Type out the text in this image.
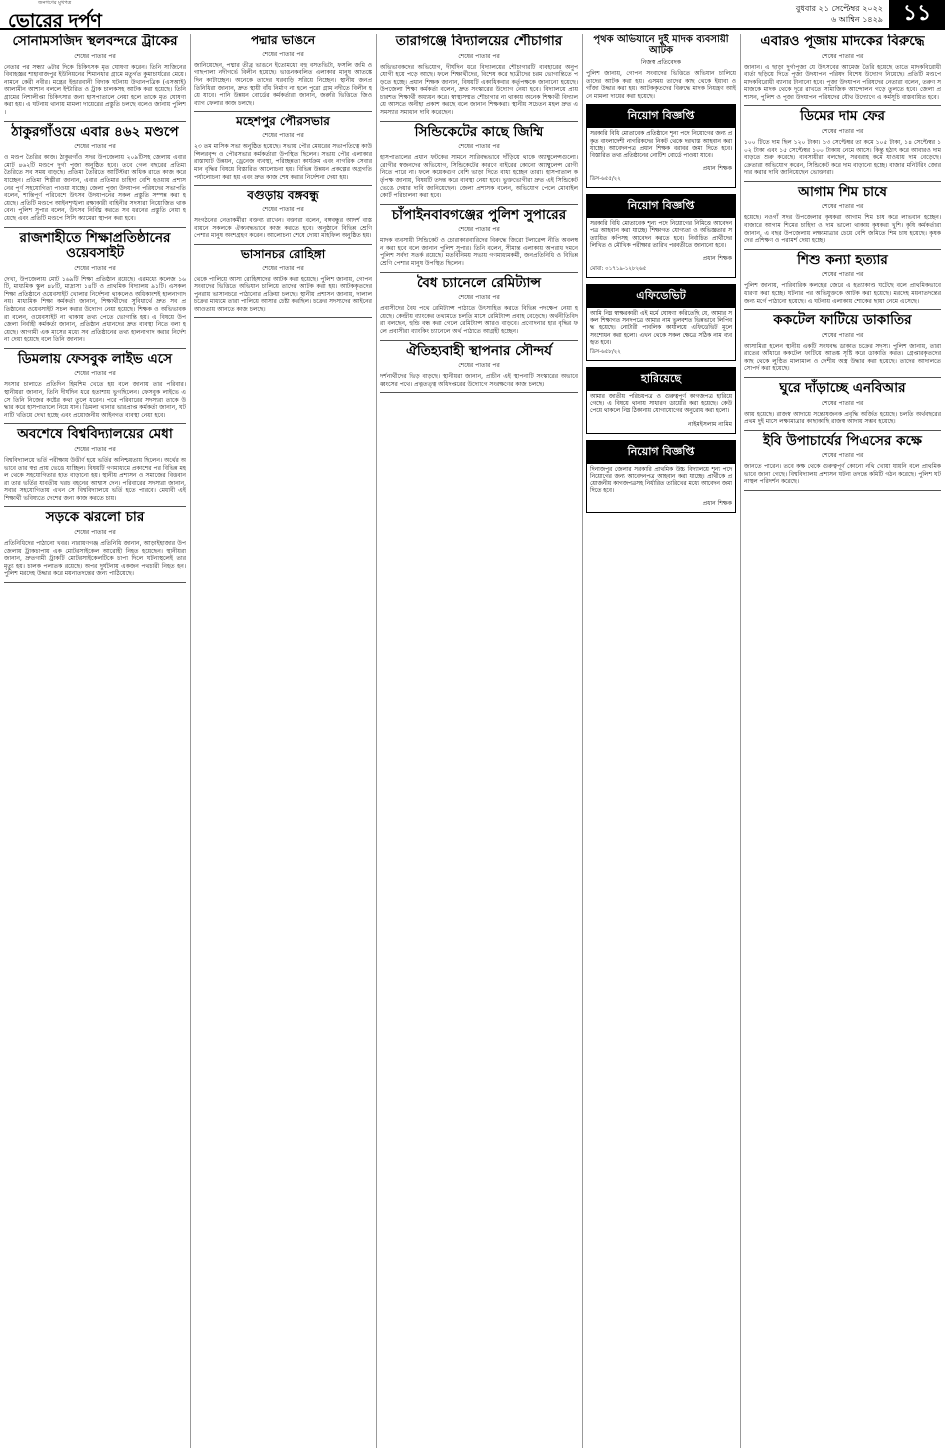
জনগণের মুখপত্র
ভোরের দর্পণ
বুধবার ২১ সেপ্টেম্বর ২০২২
৬ আশ্বিন ১৪২৯ ১১
সোনামসজিদ স্থলবন্দরে ট্রাকের
শেষের পাতার পর
নেতার পর সন্ধ্যা ৬টার দিকে চিকিৎসক মৃত ঘোষণা করেন। তিনি সাজিনের বিবাহজ্ঞর শাহাবাজপুর ইউনিয়নের শিমানধার গ্রামে মতুর্গত কুমাচার্যরের মেয়ে। নামনে কেরী নবীর। মন্ত্রের ইন্ডারবানী বিদাক ঘটনায় উত্থানপত্রিক (এসআই) আলামীন আশান বললে ইন্টারিত ও ট্রাক চালকসহ আটক করা হয়েছে। তিনি গ্রামের নিশালীপ্তা চিকিৎসার জন্য হাসপাতালে নেয়া হলে তাকে মৃত ঘোষণা করা হয়। এ ঘটনায় থানায় মামলা দায়েরের প্রস্তুতি চলছে বলেও জানায় পুলিশ।
ঠাকুরগাঁওয়ে এবার ৪৬২ মণ্ডপে
শেষের পাতার পর
ও মণ্ডপ তৈরির কাজ। ঠাকুরগাঁও সদর উপজেলায় ২০৯টিসহ জেলায় এবার মোট ৪৬২টি মণ্ডপে দুর্গা পূজা অনুষ্ঠিত হবে। তবে গেল বছরের প্রতিমা তৈরিতে সব সময় বাড়ছে। প্রতিমা তৈরিতে আর্টিস্টরা অধিক রাতে কাজ করে যাচ্ছেন। প্রতিমা শিল্পীরা জানান, এবার প্রতিমার চাহিদা বেশি হওয়ায় প্রশাসনের পূর্ণ সহযোগিতা পাওয়া যাচ্ছে। জেলা পূজা উদযাপন পরিষদের সভাপতি বলেন, শান্তিপূর্ণ পরিবেশে উৎসব উদযাপনের সকল প্রস্তুতি সম্পন্ন করা হয়েছে। প্রতিটি মণ্ডপে আইনশৃঙ্খলা রক্ষাকারী বাহিনীর সদস্যরা নিয়োজিত থাকবেন। পুলিশ সুপার বলেন, উৎসব নির্বিঘ্ন করতে সব ধরনের প্রস্তুতি নেয়া হয়েছে এবং প্রতিটি মণ্ডপে সিসি ক্যামেরা স্থাপন করা হবে।
রাজশাহীতে শিক্ষাপ্রতিষ্ঠানের ওয়েবসাইট
শেষের পাতার পর
দেখা, উপজেলায় মোট ১৬৯টি শিক্ষা প্রতিষ্ঠান রয়েছে। এরমধ্যে কলেজ ১৬টি, মাধ্যমিক স্কুল ৪৮টি, মাদ্রাসা ১৪টি ও প্রাথমিক বিদ্যালয় ৯১টি। এসকল শিক্ষা প্রতিষ্ঠানে ওয়েবসাইট খোলার নির্দেশনা থাকলেও অধিকাংশই হালনাগাদ নয়। মাধ্যমিক শিক্ষা কর্মকর্তা জানান, শিক্ষার্থীদের সুবিধার্থে দ্রুত সব প্রতিষ্ঠানের ওয়েবসাইট সচল করার উদ্যোগ নেয়া হয়েছে। শিক্ষক ও অভিভাবকরা বলেন, ওয়েবসাইট না থাকায় তথ্য পেতে ভোগান্তি হয়। এ বিষয়ে উপজেলা নির্বাহী কর্মকর্তা জানান, প্রতিষ্ঠান প্রধানদের দ্রুত ব্যবস্থা নিতে বলা হয়েছে। আগামী এক মাসের মধ্যে সব প্রতিষ্ঠানের তথ্য হালনাগাদ করার নির্দেশনা দেয়া হয়েছে বলে তিনি জানান।
ডিমলায় ফেসবুক লাইভ এসে
শেষের পাতার পর
সংসার চালাতে প্রতিদিন হিমশিম খেতে হয় বলে জানায় তার পরিবার। স্থানীয়রা জানান, তিনি দীর্ঘদিন ধরে হতাশায় ভুগছিলেন। ফেসবুক লাইভে এসে তিনি নিজের কষ্টের কথা তুলে ধরেন। পরে পরিবারের সদস্যরা তাকে উদ্ধার করে হাসপাতালে নিয়ে যান। ডিমলা থানার ভারপ্রাপ্ত কর্মকর্তা জানান, ঘটনাটি খতিয়ে দেখা হচ্ছে এবং প্রয়োজনীয় আইনগত ব্যবস্থা নেয়া হবে।
অবশেষে বিশ্ববিদ্যালয়ের মেধা
শেষের পাতার পর
বিশ্ববিদ্যালয়ে ভর্তি পরীক্ষায় উত্তীর্ণ হয়ে ভর্তির অনিশ্চয়তায় ছিলেন। অর্থের অভাবে তার স্বপ্ন প্রায় ভেঙে যাচ্ছিল। বিষয়টি গণমাধ্যমে প্রকাশের পর বিভিন্ন মহল থেকে সহযোগিতার হাত বাড়ানো হয়। স্থানীয় প্রশাসন ও সমাজের বিত্তবানরা তার ভর্তির যাবতীয় খরচ বহনের আশ্বাস দেন। পরিবারের সদস্যরা জানান, সবার সহযোগিতায় এখন সে বিশ্ববিদ্যালয়ে ভর্তি হতে পারবে। মেধাবী এই শিক্ষার্থী ভবিষ্যতে দেশের জন্য কাজ করতে চায়।
সড়কে ঝরলো চার
শেষের পাতার পর
প্রতিনিধিদের পাঠানো খবর। নারায়ণগঞ্জ প্রতিনিধি জানান, আড়াইহাজার উপজেলায় ট্রাকচাপায় এক মোটরসাইকেল আরোহী নিহত হয়েছেন। স্থানীয়রা জানান, দ্রুতগামী ট্রাকটি মোটরসাইকেলটিকে চাপা দিলে ঘটনাস্থলেই তার মৃত্যু হয়। চালক পলাতক রয়েছে। অপর দুর্ঘটনায় একজন পথচারী নিহত হন। পুলিশ মরদেহ উদ্ধার করে ময়নাতদন্তের জন্য পাঠিয়েছে।
পদ্মার ভাঙনে
শেষের পাতার পর
জানিয়েছেন, পদ্মার তীব্র ভাঙনে ইতোমধ্যে বহু বসতভিটা, ফসলি জমি ও গাছপালা নদীগর্ভে বিলীন হয়েছে। ভাঙনকবলিত এলাকার মানুষ আতঙ্কে দিন কাটাচ্ছেন। অনেকে তাদের ঘরবাড়ি সরিয়ে নিচ্ছেন। স্থানীয় জনপ্রতিনিধিরা জানান, দ্রুত স্থায়ী বাঁধ নির্মাণ না হলে পুরো গ্রাম নদীতে বিলীন হয়ে যাবে। পানি উন্নয়ন বোর্ডের কর্মকর্তারা জানান, জরুরি ভিত্তিতে জিও ব্যাগ ফেলার কাজ চলছে।
মহেশপুর পৌরসভার
শেষের পাতার পর
২৩ তম মাসিক সভা অনুষ্ঠিত হয়েছে। সভায় পৌর মেয়রের সভাপতিত্বে কাউন্সিলরবৃন্দ ও পৌরসভার কর্মকর্তারা উপস্থিত ছিলেন। সভায় পৌর এলাকার রাস্তাঘাট উন্নয়ন, ড্রেনেজ ব্যবস্থা, পরিচ্ছন্নতা কার্যক্রম এবং নাগরিক সেবার মান বৃদ্ধির বিষয়ে বিস্তারিত আলোচনা হয়। বিভিন্ন উন্নয়ন প্রকল্পের অগ্রগতি পর্যালোচনা করা হয় এবং দ্রুত কাজ শেষ করার নির্দেশনা দেয়া হয়।
বগুড়ায় বঙ্গবন্ধু
শেষের পাতার পর
সংগঠনের নেতাকর্মীরা বক্তব্য রাখেন। বক্তারা বলেন, বঙ্গবন্ধুর আদর্শ বাস্তবায়নে সকলকে ঐক্যবদ্ধভাবে কাজ করতে হবে। অনুষ্ঠানে বিভিন্ন শ্রেণি পেশার মানুষ অংশগ্রহণ করেন। আলোচনা শেষে দোয়া মাহফিল অনুষ্ঠিত হয়।
ভাসানচর রোহিঙ্গা
শেষের পাতার পর
থেকে পালিয়ে আসা রোহিঙ্গাদের আটক করা হয়েছে। পুলিশ জানায়, গোপন সংবাদের ভিত্তিতে অভিযান চালিয়ে তাদের আটক করা হয়। আটককৃতদের পুনরায় ভাসানচরে পাঠানোর প্রক্রিয়া চলছে। স্থানীয় প্রশাসন জানায়, দালাল চক্রের মাধ্যমে তারা পালিয়ে আসার চেষ্টা করছিল। চক্রের সদস্যদের আইনের আওতায় আনতে কাজ চলছে।
তারাগঞ্জে বিদ্যালয়ের শৌচাগার
শেষের পাতার পর
অভিভাবকদের অভিযোগ, দীর্ঘদিন ধরে বিদ্যালয়ের শৌচাগারটি ব্যবহারের অনুপযোগী হয়ে পড়ে আছে। ফলে শিক্ষার্থীদের, বিশেষ করে ছাত্রীদের চরম ভোগান্তিতে পড়তে হচ্ছে। প্রধান শিক্ষক জানান, বিষয়টি একাধিকবার কর্তৃপক্ষকে জানানো হয়েছে। উপজেলা শিক্ষা কর্মকর্তা বলেন, দ্রুত সংস্কারের উদ্যোগ নেয়া হবে। বিদ্যালয়ে প্রায় চারশত শিক্ষার্থী অধ্যয়ন করে। স্বাস্থ্যসম্মত শৌচাগার না থাকায় অনেক শিক্ষার্থী বিদ্যালয়ে আসতে অনীহা প্রকাশ করছে বলে জানান শিক্ষকরা। স্থানীয় সচেতন মহল দ্রুত এ সমস্যার সমাধান দাবি করেছেন।
সিন্ডিকেটের কাছে জিম্মি
শেষের পাতার পর
হাসপাতালের প্রধান ফটকের সামনে সারিবদ্ধভাবে দাঁড়িয়ে থাকে অ্যাম্বুলেন্সগুলো। রোগীর স্বজনদের অভিযোগ, সিন্ডিকেটের কারণে বাইরের কোনো অ্যাম্বুলেন্স রোগী নিতে পারে না। ফলে কয়েকগুণ বেশি ভাড়া দিতে বাধ্য হচ্ছেন তারা। হাসপাতাল কর্তৃপক্ষ জানায়, বিষয়টি তদন্ত করে ব্যবস্থা নেয়া হবে। ভুক্তভোগীরা দ্রুত এই সিন্ডিকেট ভেঙে দেয়ার দাবি জানিয়েছেন। জেলা প্রশাসক বলেন, অভিযোগ পেলে মোবাইল কোর্ট পরিচালনা করা হবে।
চাঁপাইনবাবগঞ্জের পুলিশ সুপারের
শেষের পাতার পর
মাদক ব্যবসায়ী সিন্ডিকেট ও চোরাকারবারিদের বিরুদ্ধে জিরো টলারেন্স নীতি অবলম্বন করা হবে বলে জানান পুলিশ সুপার। তিনি বলেন, সীমান্ত এলাকায় অপরাধ দমনে পুলিশ সর্বদা সতর্ক রয়েছে। মতবিনিময় সভায় গণমাধ্যমকর্মী, জনপ্রতিনিধি ও বিভিন্ন শ্রেণি পেশার মানুষ উপস্থিত ছিলেন।
বৈধ চ্যানেলে রেমিট্যান্স
শেষের পাতার পর
প্রবাসীদের বৈধ পথে রেমিট্যান্স পাঠাতে উৎসাহিত করতে বিভিন্ন পদক্ষেপ নেয়া হয়েছে। কেন্দ্রীয় ব্যাংকের তথ্যমতে চলতি মাসে রেমিট্যান্স প্রবাহ বেড়েছে। অর্থনীতিবিদরা বলছেন, হুন্ডি বন্ধ করা গেলে রেমিট্যান্স আরও বাড়বে। প্রণোদনার হার বৃদ্ধির ফলে প্রবাসীরা ব্যাংকিং চ্যানেলে অর্থ পাঠাতে আগ্রহী হচ্ছেন।
ঐতিহ্যবাহী স্থাপনার সৌন্দর্য
শেষের পাতার পর
দর্শনার্থীদের ভিড় বাড়ছে। স্থানীয়রা জানান, প্রাচীন এই স্থাপনাটি সংস্কারের অভাবে ধ্বংসের পথে। প্রত্নতত্ত্ব অধিদপ্তরের উদ্যোগে সংরক্ষণের কাজ চলছে।
পৃথক অভিযানে দুই মাদক ব্যবসায়ী আটক
নিজস্ব প্রতিবেদক
পুলিশ জানায়, গোপন সংবাদের ভিত্তিতে অভিযান চালিয়ে তাদের আটক করা হয়। এসময় তাদের কাছ থেকে ইয়াবা ও গাঁজা উদ্ধার করা হয়। আটককৃতদের বিরুদ্ধে মাদক নিয়ন্ত্রণ আইনে মামলা দায়ের করা হয়েছে।
নিয়োগ বিজ্ঞপ্তি
সরকারি বিধি মোতাবেক প্রতিষ্ঠানে শূন্য পদে নিয়োগের জন্য প্রকৃত বাংলাদেশী নাগরিকদের নিকট থেকে দরখাস্ত আহবান করা যাচ্ছে। আবেদনপত্র প্রধান শিক্ষক বরাবর জমা দিতে হবে। বিস্তারিত তথ্য প্রতিষ্ঠানের নোটিশ বোর্ডে পাওয়া যাবে।
প্রধান শিক্ষক
ডিস-৬৫৫/২২
নিয়োগ বিজ্ঞপ্তি
সরকারি বিধি মোতাবেক শূন্য পদে নিয়োগের নিমিত্তে আবেদনপত্র আহবান করা যাচ্ছে। শিক্ষাগত যোগ্যতা ও অভিজ্ঞতার সত্যায়িত কপিসহ আবেদন করতে হবে। নির্বাচিত প্রার্থীদের লিখিত ও মৌখিক পরীক্ষার তারিখ পরবর্তীতে জানানো হবে।
প্রধান শিক্ষক
মোবা: ০১৭১৯-১২৮২৬৫
এফিডেভিট
আমি নিম্ন স্বাক্ষরকারী এই মর্মে ঘোষণা করিতেছি যে, আমার সকল শিক্ষাগত সনদপত্রে আমার নাম ভুলবশত ভিন্নভাবে লিপিবদ্ধ হয়েছে। নোটারী পাবলিক কার্যালয়ে এফিডেভিট মূলে সংশোধন করা হলো। এখন থেকে সকল ক্ষেত্রে সঠিক নাম ব্যবহৃত হবে।
ডিস-৬৫৮/২২
হারিয়েছে
আমার জাতীয় পরিচয়পত্র ও গুরুত্বপূর্ণ কাগজপত্র হারিয়ে গেছে। এ বিষয়ে থানায় সাধারণ ডায়েরি করা হয়েছে। কেউ পেয়ে থাকলে নিম্ন ঠিকানায় যোগাযোগের অনুরোধ করা হলো।
নাইমইসলাম নামিম
নিয়োগ বিজ্ঞপ্তি
দিনাজপুর জেলার সরকারি প্রাথমিক উচ্চ বিদ্যালয়ে শূন্য পদে নিয়োগের জন্য আবেদনপত্র আহবান করা যাচ্ছে। প্রার্থীকে প্রয়োজনীয় কাগজপত্রসহ নির্ধারিত তারিখের মধ্যে আবেদন জমা দিতে হবে।
প্রধান শিক্ষক
এবারও পূজায় মাদকের বিরুদ্ধে
শেষের পাতার পর
জানান। এ ছাড়া দুর্গাপূজা যে উৎসবের আমেজ তৈরি হয়েছে তাতে মাদকবিরোধী বার্তা ছড়িয়ে দিতে পূজা উদযাপন পরিষদ বিশেষ উদ্যোগ নিয়েছে। প্রতিটি মণ্ডপে মাদকবিরোধী ব্যানার টানানো হবে। পূজা উদযাপন পরিষদের নেতারা বলেন, তরুণ সমাজকে মাদক থেকে দূরে রাখতে সামাজিক আন্দোলন গড়ে তুলতে হবে। জেলা প্রশাসন, পুলিশ ও পূজা উদযাপন পরিষদের যৌথ উদ্যোগে এ কর্মসূচি বাস্তবায়িত হবে।
ডিমের দাম ফের
শেষের পাতার পর
১০০ টিতে দাম ছিল ১২০ টাকা। ১৩ সেপ্টেম্বর তা কমে ১০৫ টাকা, ১৪ সেপ্টেম্বর ১০২ টাকা এবং ১৫ সেপ্টেম্বর ১০০ টাকায় নেমে আসে। কিন্তু হঠাৎ করে আবারও দাম বাড়তে শুরু করেছে। ব্যবসায়ীরা বলছেন, সরবরাহ কমে যাওয়ায় দাম বেড়েছে। ক্রেতারা অভিযোগ করেন, সিন্ডিকেট করে দাম বাড়ানো হচ্ছে। বাজার মনিটরিং জোরদার করার দাবি জানিয়েছেন ভোক্তারা।
আগাম শিম চাষে
শেষের পাতার পর
হয়েছে। নওগাঁ সদর উপজেলার কৃষকরা আগাম শিম চাষ করে লাভবান হচ্ছেন। বাজারে আগাম শিমের চাহিদা ও দাম ভালো থাকায় কৃষকরা খুশি। কৃষি কর্মকর্তারা জানান, এ বছর উপজেলায় লক্ষ্যমাত্রার চেয়ে বেশি জমিতে শিম চাষ হয়েছে। কৃষকদের প্রশিক্ষণ ও পরামর্শ দেয়া হচ্ছে।
শিশু কন্যা হত্যার
শেষের পাতার পর
পুলিশ জানায়, পারিবারিক কলহের জেরে এ হত্যাকাণ্ড ঘটেছে বলে প্রাথমিকভাবে ধারণা করা হচ্ছে। ঘটনার পর অভিযুক্তকে আটক করা হয়েছে। মরদেহ ময়নাতদন্তের জন্য মর্গে পাঠানো হয়েছে। এ ঘটনায় এলাকায় শোকের ছায়া নেমে এসেছে।
ককটেল ফাটিয়ে ডাকাতির
শেষের পাতার পর
আসামিরা হলেন স্থানীয় একটি সংঘবদ্ধ ডাকাত চক্রের সদস্য। পুলিশ জানায়, তারা রাতের আঁধারে ককটেল ফাটিয়ে আতঙ্ক সৃষ্টি করে ডাকাতি করত। গ্রেপ্তারকৃতদের কাছ থেকে লুণ্ঠিত মালামাল ও দেশীয় অস্ত্র উদ্ধার করা হয়েছে। তাদের আদালতে সোপর্দ করা হয়েছে।
ঘুরে দাঁড়াচ্ছে এনবিআর
শেষের পাতার পর
আয় হয়েছে। রাজস্ব আদায়ে সন্তোষজনক প্রবৃদ্ধি অর্জিত হয়েছে। চলতি অর্থবছরের প্রথম দুই মাসে লক্ষ্যমাত্রার কাছাকাছি রাজস্ব আদায় সম্ভব হয়েছে।
ইবি উপাচার্যের পিএসের কক্ষে
শেষের পাতার পর
জানতে পারেন। তবে কক্ষ থেকে গুরুত্বপূর্ণ কোনো নথি খোয়া যায়নি বলে প্রাথমিকভাবে জানা গেছে। বিশ্ববিদ্যালয় প্রশাসন ঘটনা তদন্তে কমিটি গঠন করেছে। পুলিশ ঘটনাস্থল পরিদর্শন করেছে।
